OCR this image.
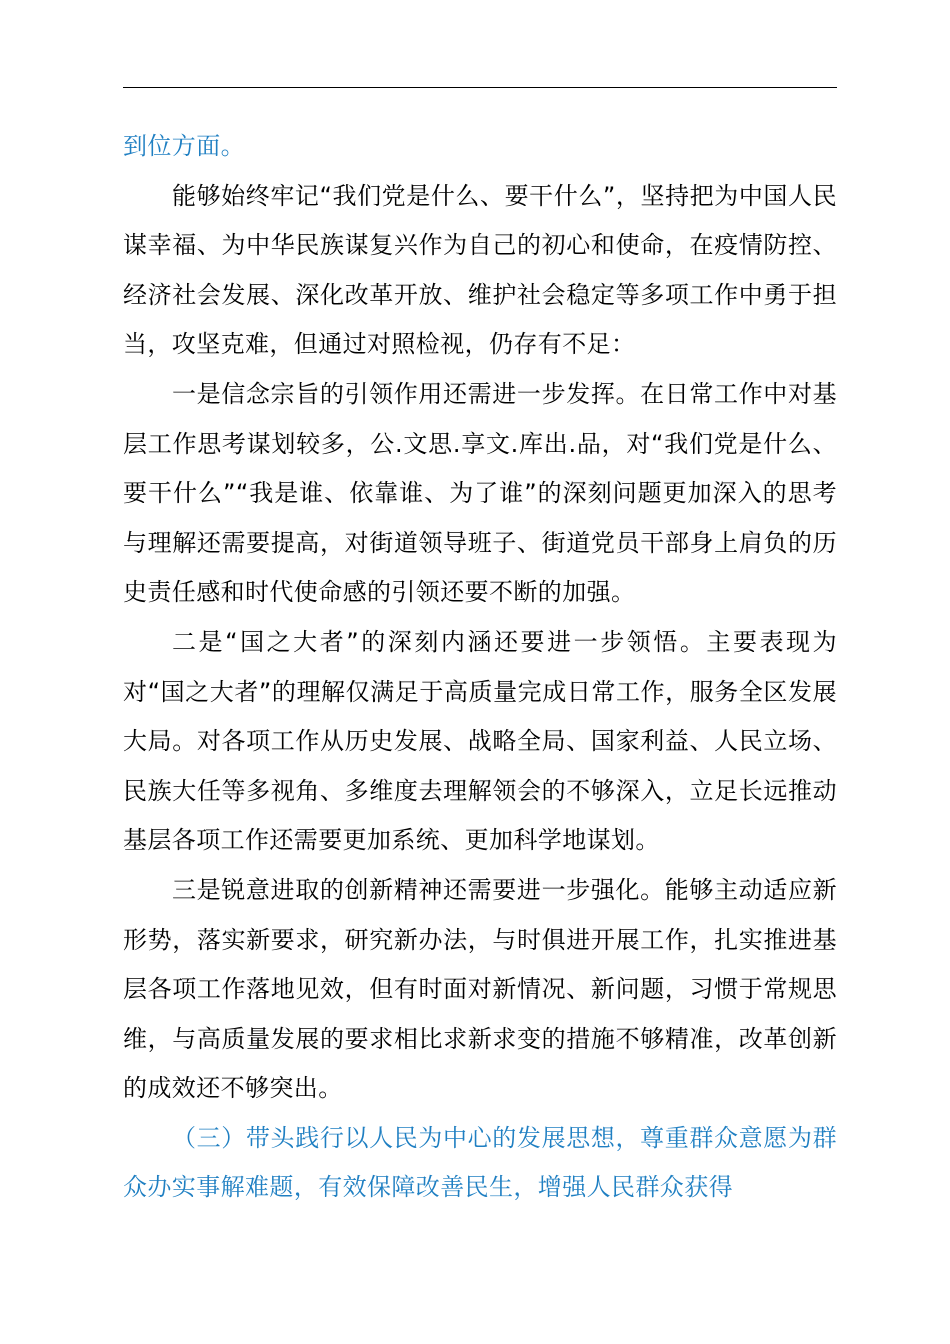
到位方面。

能够始终牢记“我们党是什么、要干什么”，坚持把为中国人民谋幸福、为中华民族谋复兴作为自己的初心和使命，在疫情防控、经济社会发展、深化改革开放、维护社会稳定等多项工作中勇于担当，攻坚克难，但通过对照检视，仍存有不足：

一是信念宗旨的引领作用还需进一步发挥。在日常工作中对基层工作思考谋划较多，公.文思.享文.库出.品，对“我们党是什么、要干什么”“我是谁、依靠谁、为了谁”的深刻问题更加深入的思考与理解还需要提高，对街道领导班子、街道党员干部身上肩负的历史责任感和时代使命感的引领还要不断的加强。

二是“国之大者”的深刻内涵还要进一步领悟。主要表现为对“国之大者”的理解仅满足于高质量完成日常工作，服务全区发展大局。对各项工作从历史发展、战略全局、国家利益、人民立场、民族大任等多视角、多维度去理解领会的不够深入，立足长远推动基层各项工作还需要更加系统、更加科学地谋划。

三是锐意进取的创新精神还需要进一步强化。能够主动适应新形势，落实新要求，研究新办法，与时俱进开展工作，扎实推进基层各项工作落地见效，但有时面对新情况、新问题，习惯于常规思维，与高质量发展的要求相比求新求变的措施不够精准，改革创新的成效还不够突出。

（三）带头践行以人民为中心的发展思想，尊重群众意愿为群众办实事解难题，有效保障改善民生，增强人民群众获得
